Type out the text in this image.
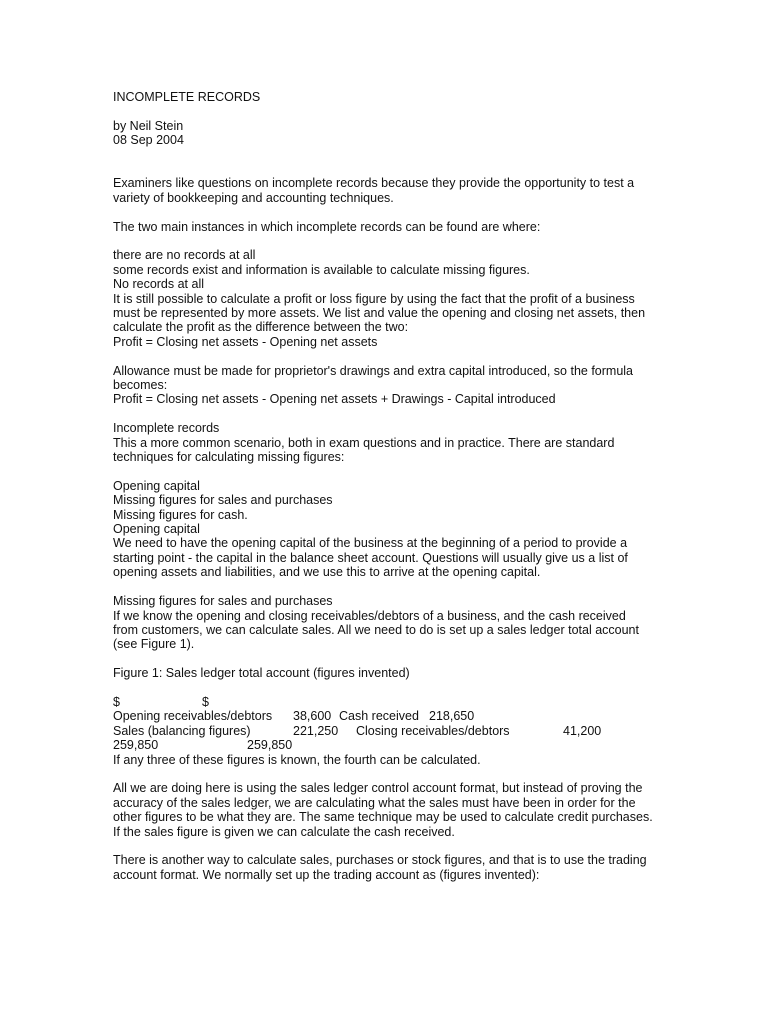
INCOMPLETE RECORDS

by Neil Stein

08 Sep 2004

Examiners like questions on incomplete records because they provide the opportunity to test a

variety of bookkeeping and accounting techniques.

The two main instances in which incomplete records can be found are where:

there are no records at all

some records exist and information is available to calculate missing figures.

No records at all

It is still possible to calculate a profit or loss figure by using the fact that the profit of a business

must be represented by more assets. We list and value the opening and closing net assets, then

calculate the profit as the difference between the two:

Profit = Closing net assets - Opening net assets

Allowance must be made for proprietor's drawings and extra capital introduced, so the formula

becomes:

Profit = Closing net assets - Opening net assets + Drawings - Capital introduced

Incomplete records

This a more common scenario, both in exam questions and in practice. There are standard

techniques for calculating missing figures:

Opening capital

Missing figures for sales and purchases

Missing figures for cash.

Opening capital

We need to have the opening capital of the business at the beginning of a period to provide a

starting point - the capital in the balance sheet account. Questions will usually give us a list of

opening assets and liabilities, and we use this to arrive at the opening capital.

Missing figures for sales and purchases

If we know the opening and closing receivables/debtors of a business, and the cash received

from customers, we can calculate sales. All we need to do is set up a sales ledger total account

(see Figure 1).

Figure 1: Sales ledger total account (figures invented)

$	$

Opening receivables/debtors 38,600 Cash received 218,650

Sales (balancing figures)	221,250 Closing receivables/debtors	41,200

259,850	259,850

If any three of these figures is known, the fourth can be calculated.

All we are doing here is using the sales ledger control account format, but instead of proving the

accuracy of the sales ledger, we are calculating what the sales must have been in order for the

other figures to be what they are. The same technique may be used to calculate credit purchases.

If the sales figure is given we can calculate the cash received.

There is another way to calculate sales, purchases or stock figures, and that is to use the trading

account format. We normally set up the trading account as (figures invented):
